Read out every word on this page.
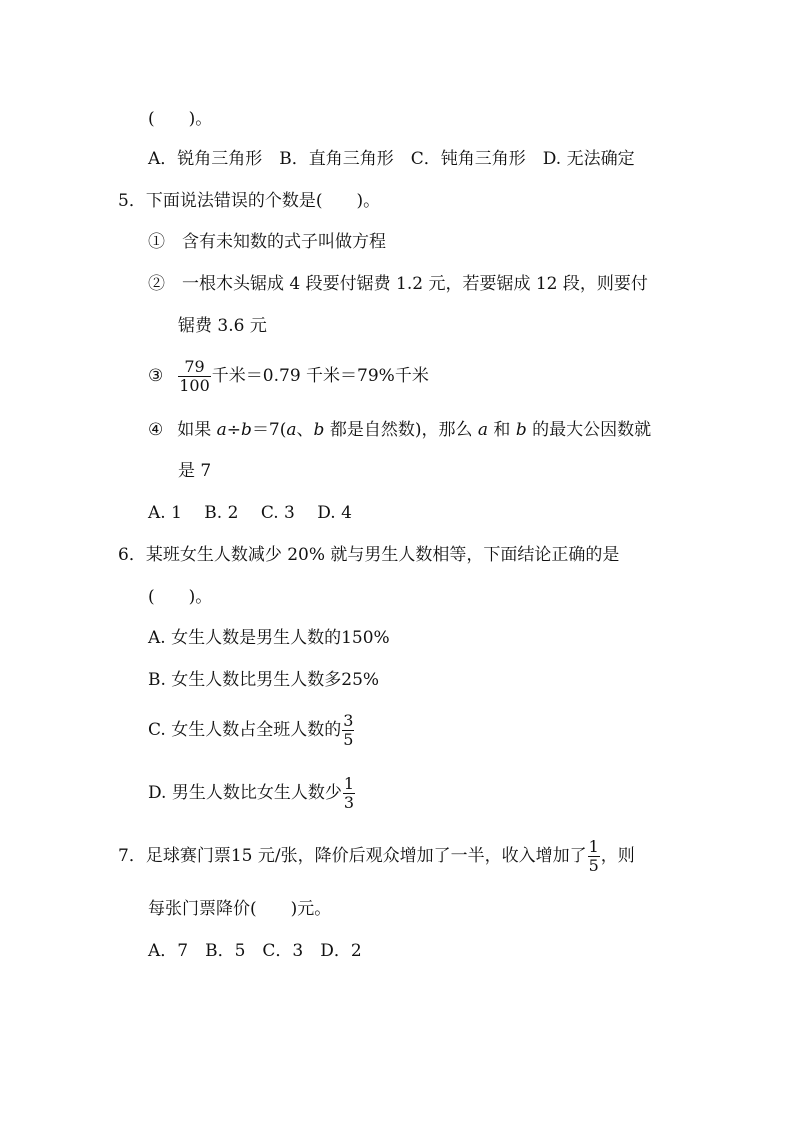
(　　)。
A．锐角三角形　B．直角三角形　C．钝角三角形　D. 无法确定
5．下面说法错误的个数是(　　)。
①　含有未知数的式子叫做方程
②　一根木头锯成 4 段要付锯费 1.2 元，若要锯成 12 段，则要付
锯费 3.6 元
③ $\frac{79}{100}$ 千米＝0.79 千米＝79%千米
④ 如果 a÷b＝7(a、b 都是自然数)，那么 a 和 b 的最大公因数就
是 7
A. 1　 B. 2　 C. 3　 D. 4
6．某班女生人数减少 20% 就与男生人数相等，下面结论正确的是
(　　)。
A. 女生人数是男生人数的150%
B. 女生人数比男生人数多25%
C. 女生人数占全班人数的 $\frac{3}{5}$
D. 男生人数比女生人数少 $\frac{1}{3}$
7．足球赛门票15 元/张，降价后观众增加了一半，收入增加了 $\frac{1}{5}$ ，则
每张门票降价(　　)元。
A．7　B．5　C．3　D．2
